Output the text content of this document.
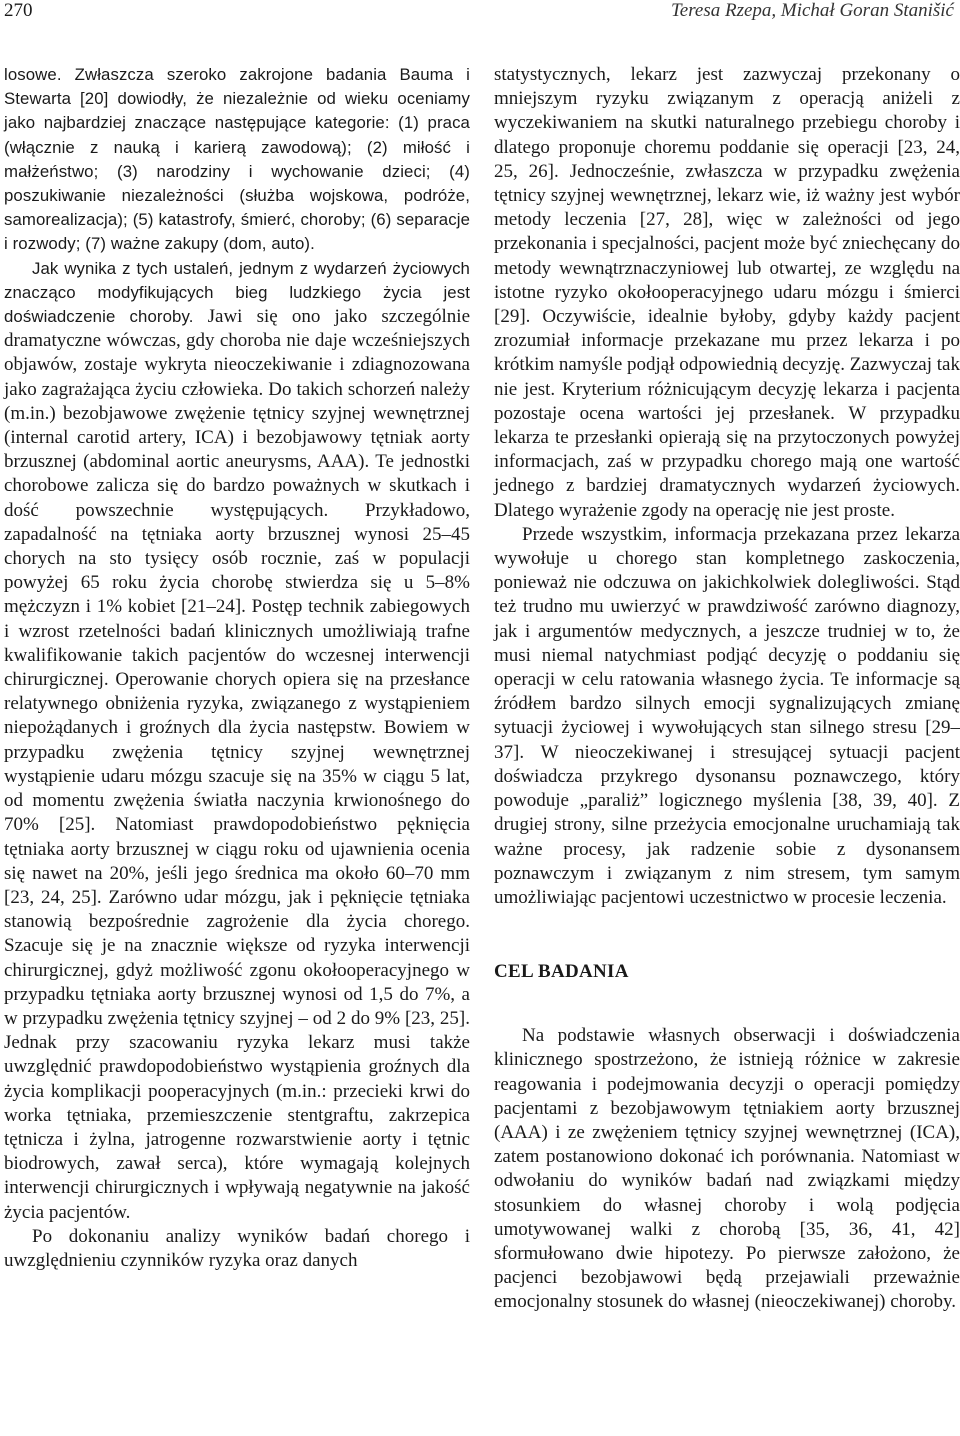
270	Teresa Rzepa, Michał Goran Stanišić

losowe. Zwłaszcza szeroko zakrojone badania Bauma i Stewarta [20] dowiodły, że niezależnie od wieku oceniamy jako najbardziej znaczące następujące kategorie: (1) praca (włącznie z nauką i karierą zawodową); (2) miłość i małżeństwo; (3) narodziny i wychowanie dzieci; (4) poszukiwanie niezależności (służba wojskowa, podróże, samorealizacja); (5) katastrofy, śmierć, choroby; (6) separacje i rozwody; (7) ważne zakupy (dom, auto).

Jak wynika z tych ustaleń, jednym z wydarzeń życiowych znacząco modyfikujących bieg ludzkiego życia jest doświadczenie choroby. Jawi się ono jako szczególnie dramatyczne wówczas, gdy choroba nie daje wcześniejszych objawów, zostaje wykryta nieoczekiwanie i zdiagnozowana jako zagrażająca życiu człowieka. Do takich schorzeń należy (m.in.) bezobjawowe zwężenie tętnicy szyjnej wewnętrznej (internal carotid artery, ICA) i bezobjawowy tętniak aorty brzusznej (abdominal aortic aneurysms, AAA). Te jednostki chorobowe zalicza się do bardzo poważnych w skutkach i dość powszechnie występujących. Przykładowo, zapadalność na tętniaka aorty brzusznej wynosi 25–45 chorych na sto tysięcy osób rocznie, zaś w populacji powyżej 65 roku życia chorobę stwierdza się u 5–8% mężczyzn i 1% kobiet [21–24]. Postęp technik zabiegowych i wzrost rzetelności badań klinicznych umożliwiają trafne kwalifikowanie takich pacjentów do wczesnej interwencji chirurgicznej. Operowanie chorych opiera się na przesłance relatywnego obniżenia ryzyka, związanego z wystąpieniem niepożądanych i groźnych dla życia następstw. Bowiem w przypadku zwężenia tętnicy szyjnej wewnętrznej wystąpienie udaru mózgu szacuje się na 35% w ciągu 5 lat, od momentu zwężenia światła naczynia krwionośnego do 70% [25]. Natomiast prawdopodobieństwo pęknięcia tętniaka aorty brzusznej w ciągu roku od ujawnienia ocenia się nawet na 20%, jeśli jego średnica ma około 60–70 mm [23, 24, 25]. Zarówno udar mózgu, jak i pęknięcie tętniaka stanowią bezpośrednie zagrożenie dla życia chorego. Szacuje się je na znacznie większe od ryzyka interwencji chirurgicznej, gdyż możliwość zgonu okołooperacyjnego w przypadku tętniaka aorty brzusznej wynosi od 1,5 do 7%, a w przypadku zwężenia tętnicy szyjnej – od 2 do 9% [23, 25]. Jednak przy szacowaniu ryzyka lekarz musi także uwzględnić prawdopodobieństwo wystąpienia groźnych dla życia komplikacji pooperacyjnych (m.in.: przecieki krwi do worka tętniaka, przemieszczenie stentgraftu, zakrzepica tętnicza i żylna, jatrogenne rozwarstwienie aorty i tętnic biodrowych, zawał serca), które wymagają kolejnych interwencji chirurgicznych i wpływają negatywnie na jakość życia pacjentów.

Po dokonaniu analizy wyników badań chorego i uwzględnieniu czynników ryzyka oraz danych

statystycznych, lekarz jest zazwyczaj przekonany o mniejszym ryzyku związanym z operacją aniżeli z wyczekiwaniem na skutki naturalnego przebiegu choroby i dlatego proponuje choremu poddanie się operacji [23, 24, 25, 26]. Jednocześnie, zwłaszcza w przypadku zwężenia tętnicy szyjnej wewnętrznej, lekarz wie, iż ważny jest wybór metody leczenia [27, 28], więc w zależności od jego przekonania i specjalności, pacjent może być zniechęcany do metody wewnątrznaczyniowej lub otwartej, ze względu na istotne ryzyko okołooperacyjnego udaru mózgu i śmierci [29]. Oczywiście, idealnie byłoby, gdyby każdy pacjent zrozumiał informacje przekazane mu przez lekarza i po krótkim namyśle podjął odpowiednią decyzję. Zazwyczaj tak nie jest. Kryterium różnicującym decyzję lekarza i pacjenta pozostaje ocena wartości jej przesłanek. W przypadku lekarza te przesłanki opierają się na przytoczonych powyżej informacjach, zaś w przypadku chorego mają one wartość jednego z bardziej dramatycznych wydarzeń życiowych. Dlatego wyrażenie zgody na operację nie jest proste.

Przede wszystkim, informacja przekazana przez lekarza wywołuje u chorego stan kompletnego zaskoczenia, ponieważ nie odczuwa on jakichkolwiek dolegliwości. Stąd też trudno mu uwierzyć w prawdziwość zarówno diagnozy, jak i argumentów medycznych, a jeszcze trudniej w to, że musi niemal natychmiast podjąć decyzję o poddaniu się operacji w celu ratowania własnego życia. Te informacje są źródłem bardzo silnych emocji sygnalizujących zmianę sytuacji życiowej i wywołujących stan silnego stresu [29–37]. W nieoczekiwanej i stresującej sytuacji pacjent doświadcza przykrego dysonansu poznawczego, który powoduje „paraliż” logicznego myślenia [38, 39, 40]. Z drugiej strony, silne przeżycia emocjonalne uruchamiają tak ważne procesy, jak radzenie sobie z dysonansem poznawczym i związanym z nim stresem, tym samym umożliwiając pacjentowi uczestnictwo w procesie leczenia.

CEL BADANIA

Na podstawie własnych obserwacji i doświadczenia klinicznego spostrzeżono, że istnieją różnice w zakresie reagowania i podejmowania decyzji o operacji pomiędzy pacjentami z bezobjawowym tętniakiem aorty brzusznej (AAA) i ze zwężeniem tętnicy szyjnej wewnętrznej (ICA), zatem postanowiono dokonać ich porównania. Natomiast w odwołaniu do wyników badań nad związkami między stosunkiem do własnej choroby i wolą podjęcia umotywowanej walki z chorobą [35, 36, 41, 42] sformułowano dwie hipotezy. Po pierwsze założono, że pacjenci bezobjawowi będą przejawiali przeważnie emocjonalny stosunek do własnej (nieoczekiwanej) choroby.
